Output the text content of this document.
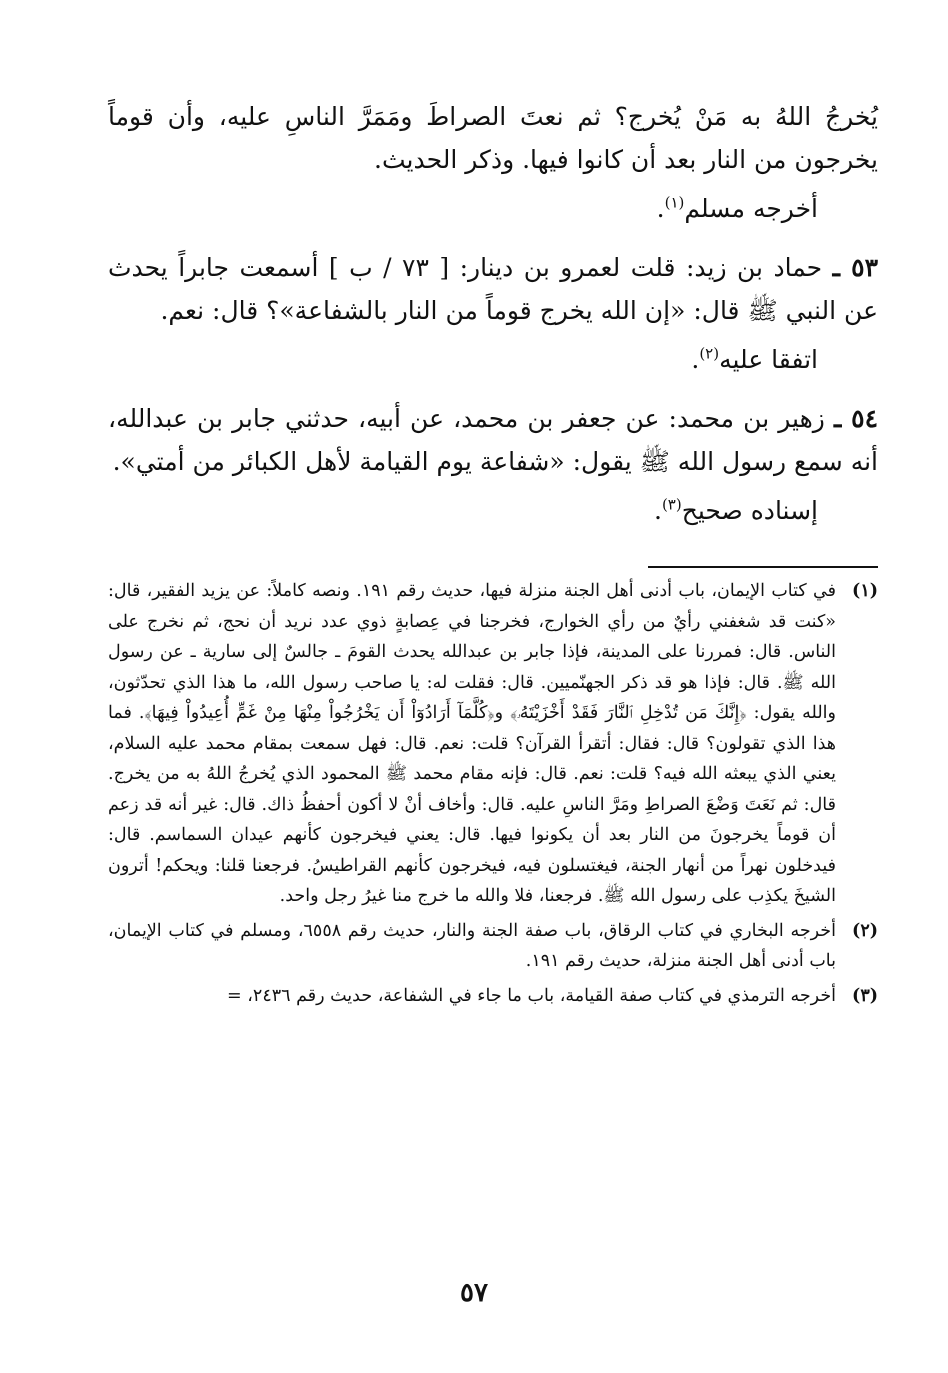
يُخرجُ اللهُ به مَنْ يُخرج؟ ثم نعتَ الصراطَ ومَمَرَّ الناسِ عليه، وأن قوماً يخرجون من النار بعد أن كانوا فيها. وذكر الحديث.

أخرجه مسلم$^{(١)}$.

٥٣ ـ حماد بن زيد: قلت لعمرو بن دينار: [ ٧٣ / ب ] أسمعت جابراً يحدث عن النبي ﷺ قال: «إن الله يخرج قوماً من النار بالشفاعة»؟ قال: نعم.

اتفقا عليه$^{(٢)}$.

٥٤ ـ زهير بن محمد: عن جعفر بن محمد، عن أبيه، حدثني جابر بن عبدالله، أنه سمع رسول الله ﷺ يقول: «شفاعة يوم القيامة لأهل الكبائر من أمتي».

إسناده صحيح$^{(٣)}$.

(١)
في كتاب الإيمان، باب أدنى أهل الجنة منزلة فيها، حديث رقم ١٩١. ونصه كاملاً: عن يزيد الفقير، قال: «كنت قد شغفني رأيٌ من رأي الخوارج، فخرجنا في عِصابةٍ ذوي عدد نريد أن نحج، ثم نخرج على الناس. قال: فمررنا على المدينة، فإذا جابر بن عبدالله يحدث القومَ ـ جالسٌ إلى سارية ـ عن رسول الله ﷺ. قال: فإذا هو قد ذكر الجهنّميين. قال: فقلت له: يا صاحب رسول الله، ما هذا الذي تحدّثون، والله يقول: ﴿إِنَّكَ مَن تُدْخِلِ ٱلنَّارَ فَقَدْ أَخْزَيْتَهُۥ﴾ و﴿كُلَّمَآ أَرَادُوٓاْ أَن يَخْرُجُواْ مِنْهَا مِنْ غَمٍّ أُعِيدُواْ فِيهَا﴾. فما هذا الذي تقولون؟ قال: فقال: أتقرأ القرآن؟ قلت: نعم. قال: فهل سمعت بمقام محمد عليه السلام، يعني الذي يبعثه الله فيه؟ قلت: نعم. قال: فإنه مقام محمد ﷺ المحمود الذي يُخرجُ اللهُ به من يخرج. قال: ثم نَعَتَ وَضْعَ الصراطِ ومَرَّ الناسِ عليه. قال: وأخاف أنْ لا أكون أحفظُ ذاك. قال: غير أنه قد زعم أن قوماً يخرجونَ من النار بعد أن يكونوا فيها. قال: يعني فيخرجون كأنهم عيدان السماسم. قال: فيدخلون نهراً من أنهار الجنة، فيغتسلون فيه، فيخرجون كأنهم القراطيسُ. فرجعنا قلنا: ويحكم! أترون الشيخَ يكذِب على رسول الله ﷺ. فرجعنا، فلا والله ما خرج منا غيرُ رجل واحد.
(٢)
أخرجه البخاري في كتاب الرقاق، باب صفة الجنة والنار، حديث رقم ٦٥٥٨، ومسلم في كتاب الإيمان، باب أدنى أهل الجنة منزلة، حديث رقم ١٩١.
(٣)
أخرجه الترمذي في كتاب صفة القيامة، باب ما جاء في الشفاعة، حديث رقم ٢٤٣٦، =
٥٧
